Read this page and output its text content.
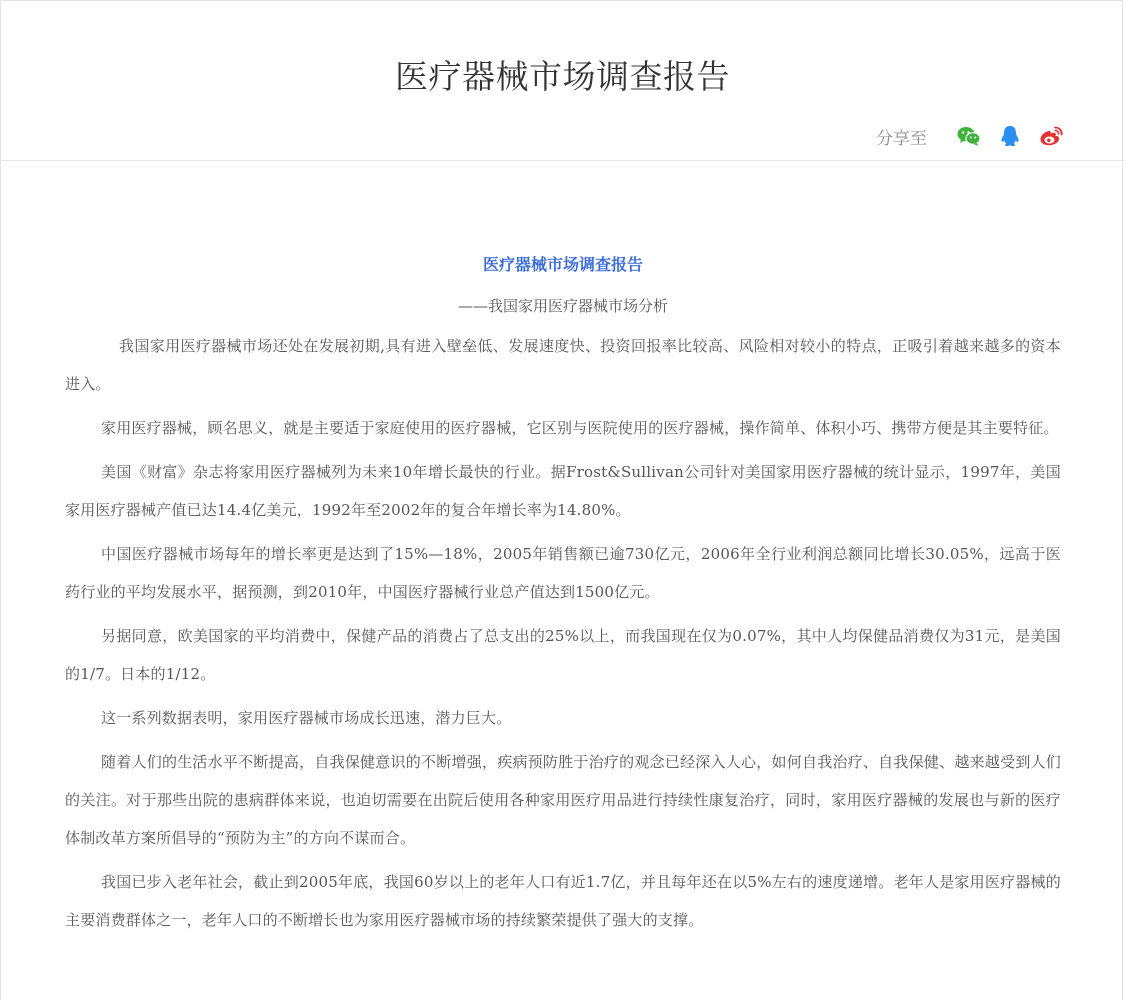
医疗器械市场调查报告
分享至

医疗器械市场调查报告

——我国家用医疗器械市场分析

我国家用医疗器械市场还处在发展初期,具有进入壁垒低、发展速度快、投资回报率比较高、风险相对较小的特点，正吸引着越来越多的资本进入。

家用医疗器械，顾名思义，就是主要适于家庭使用的医疗器械，它区别与医院使用的医疗器械，操作简单、体积小巧、携带方便是其主要特征。

美国《财富》杂志将家用医疗器械列为未来10年增长最快的行业。据Frost&Sullivan公司针对美国家用医疗器械的统计显示，1997年，美国家用医疗器械产值已达14.4亿美元，1992年至2002年的复合年增长率为14.80%。

中国医疗器械市场每年的增长率更是达到了15%—18%，2005年销售额已逾730亿元，2006年全行业利润总额同比增长30.05%，远高于医药行业的平均发展水平，据预测，到2010年，中国医疗器械行业总产值达到1500亿元。

另据同意，欧美国家的平均消费中，保健产品的消费占了总支出的25%以上，而我国现在仅为0.07%，其中人均保健品消费仅为31元，是美国的1/7。日本的1/12。

这一系列数据表明，家用医疗器械市场成长迅速，潜力巨大。

随着人们的生活水平不断提高，自我保健意识的不断增强，疾病预防胜于治疗的观念已经深入人心，如何自我治疗、自我保健、越来越受到人们的关注。对于那些出院的患病群体来说，也迫切需要在出院后使用各种家用医疗用品进行持续性康复治疗，同时，家用医疗器械的发展也与新的医疗体制改革方案所倡导的“预防为主”的方向不谋而合。

我国已步入老年社会，截止到2005年底，我国60岁以上的老年人口有近1.7亿，并且每年还在以5%左右的速度递增。老年人是家用医疗器械的主要消费群体之一，老年人口的不断增长也为家用医疗器械市场的持续繁荣提供了强大的支撑。
